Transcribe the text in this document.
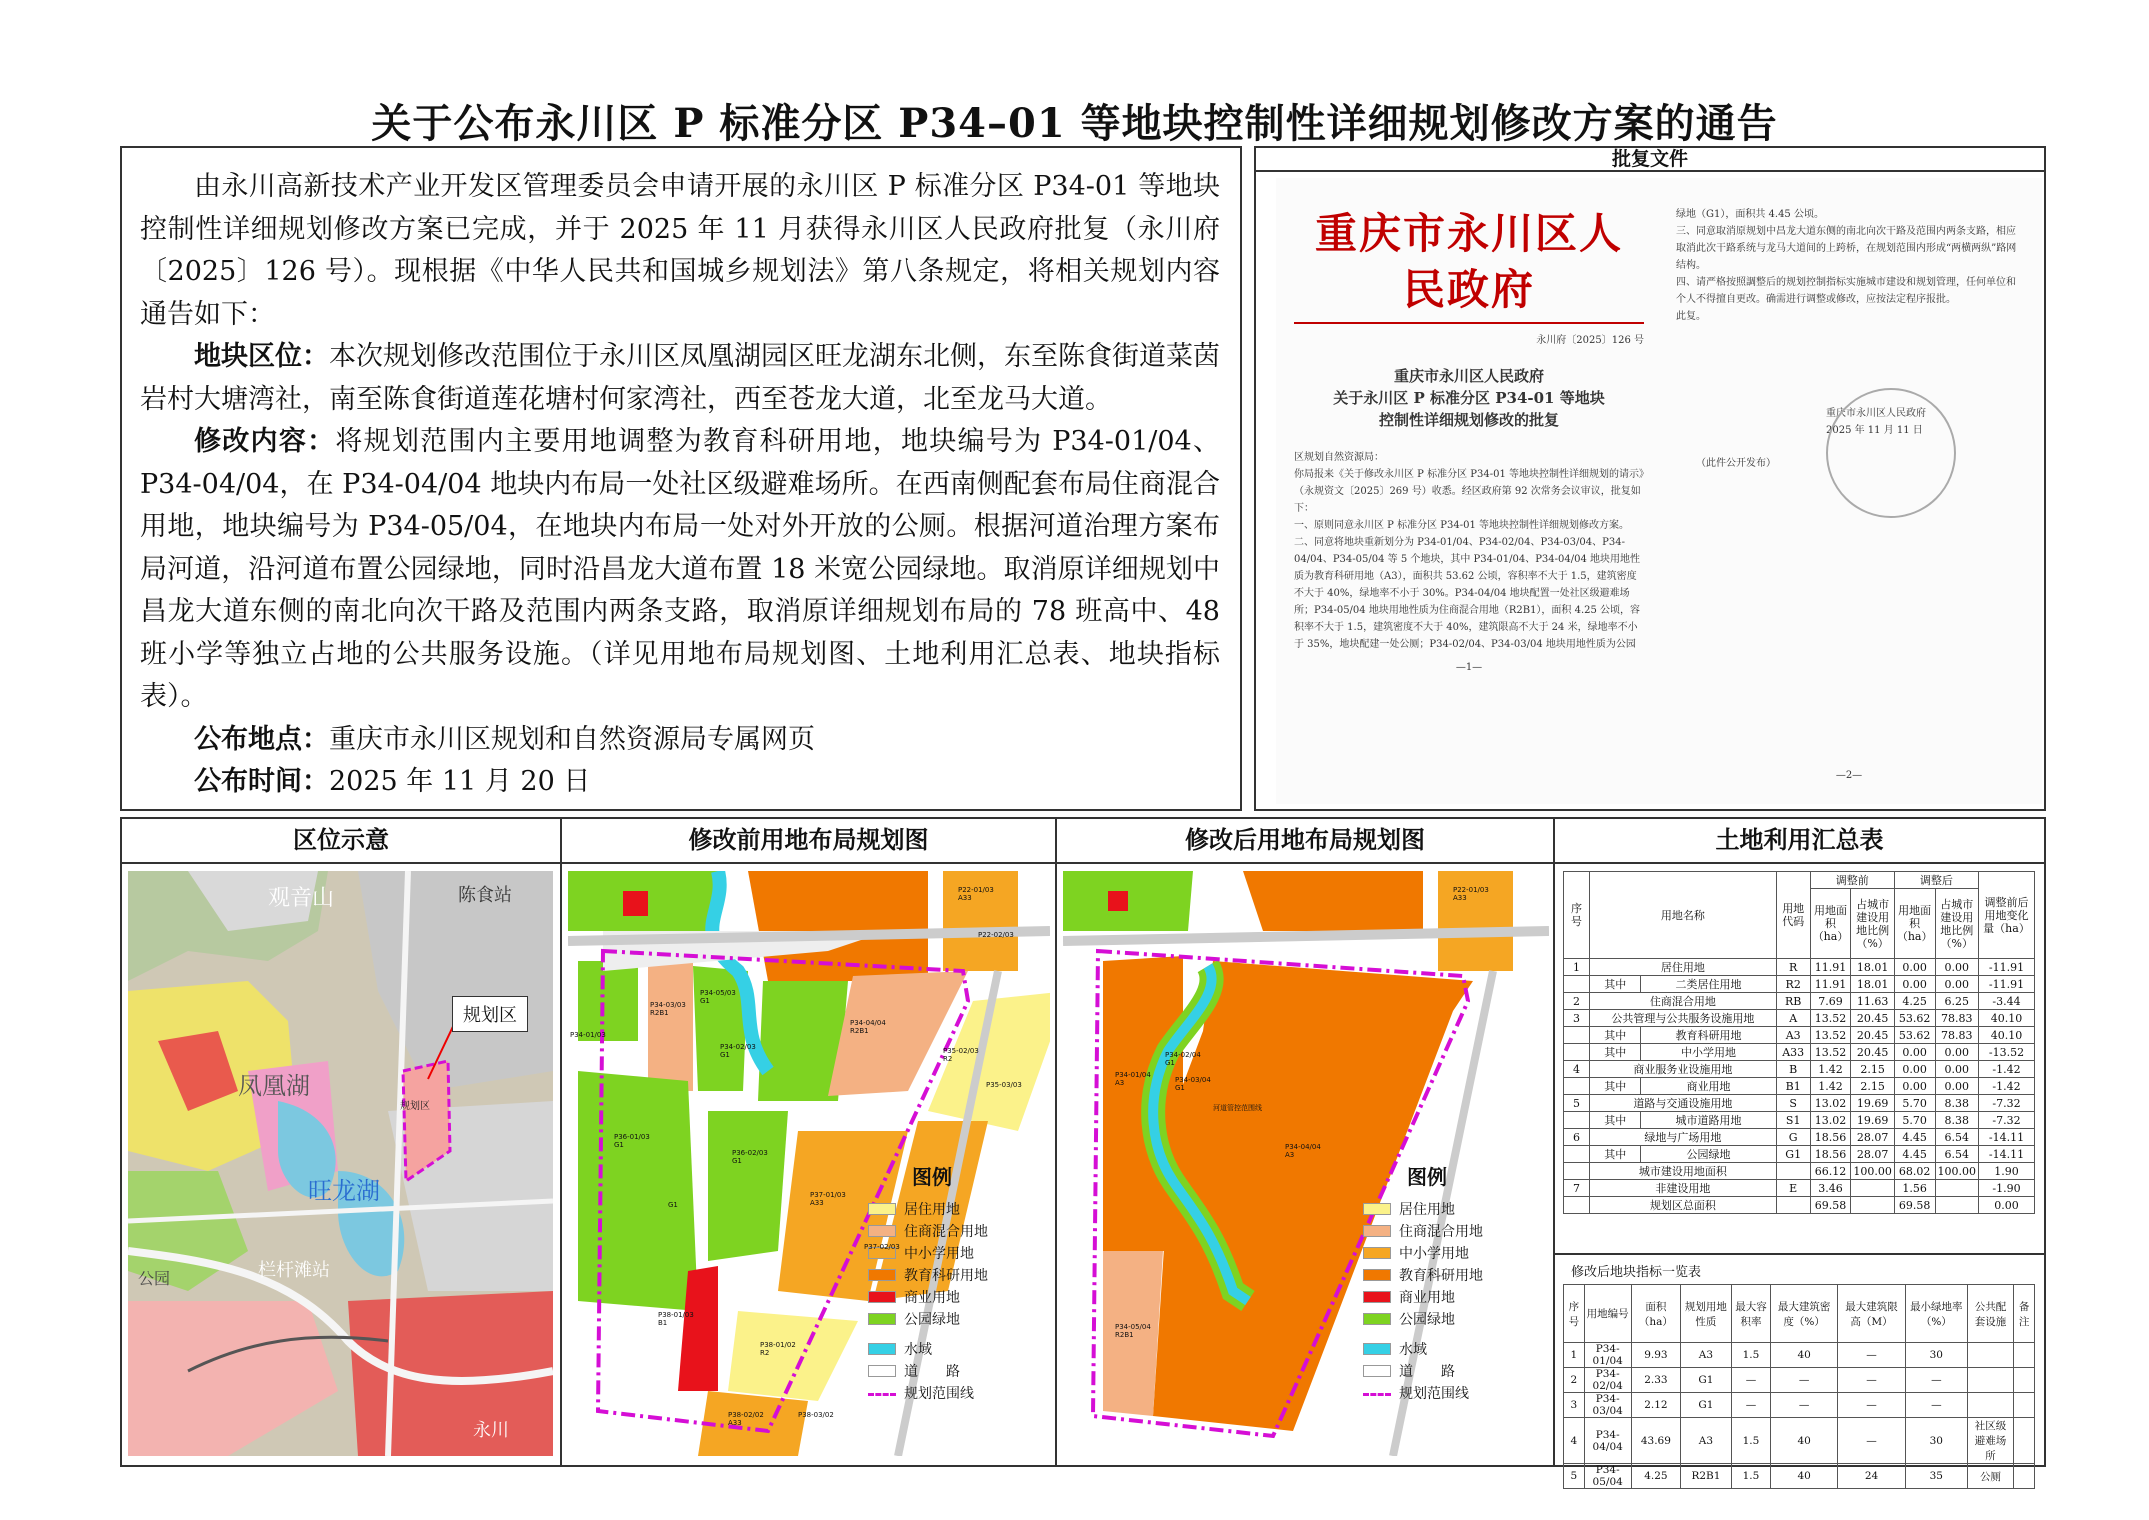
关于公布永川区 P 标准分区 P34–01 等地块控制性详细规划修改方案的通告

由永川高新技术产业开发区管理委员会申请开展的永川区 P 标准分区 P34-01 等地块控制性详细规划修改方案已完成，并于 2025 年 11 月获得永川区人民政府批复（永川府〔2025〕126 号）。现根据《中华人民共和国城乡规划法》第八条规定，将相关规划内容通告如下：

地块区位：本次规划修改范围位于永川区凤凰湖园区旺龙湖东北侧，东至陈食街道菜茵岩村大塘湾社，南至陈食街道莲花塘村何家湾社，西至苍龙大道，北至龙马大道。

修改内容：将规划范围内主要用地调整为教育科研用地，地块编号为 P34-01/04、P34-04/04，在 P34-04/04 地块内布局一处社区级避难场所。在西南侧配套布局住商混合用地，地块编号为 P34-05/04，在地块内布局一处对外开放的公厕。根据河道治理方案布局河道，沿河道布置公园绿地，同时沿昌龙大道布置 18 米宽公园绿地。取消原详细规划中昌龙大道东侧的南北向次干路及范围内两条支路，取消原详细规划布局的 78 班高中、48 班小学等独立占地的公共服务设施。（详见用地布局规划图、土地利用汇总表、地块指标表）。

公布地点：重庆市永川区规划和自然资源局专属网页

公布时间：2025 年 11 月 20 日

批复文件
重庆市永川区人民政府
永川府〔2025〕126 号
重庆市永川区人民政府
关于永川区 P 标准分区 P34-01 等地块
控制性详细规划修改的批复
区规划自然资源局：
你局报来《关于修改永川区 P 标准分区 P34-01 等地块控制性详细规划的请示》（永规资文〔2025〕269 号）收悉。经区政府第 92 次常务会议审议，批复如下：
一、原则同意永川区 P 标准分区 P34-01 等地块控制性详细规划修改方案。
二、同意将地块重新划分为 P34-01/04、P34-02/04、P34-03/04、P34-04/04、P34-05/04 等 5 个地块，其中 P34-01/04、P34-04/04 地块用地性质为教育科研用地（A3），面积共 53.62 公顷，容积率不大于 1.5，建筑密度不大于 40%，绿地率不小于 30%。P34-04/04 地块配置一处社区级避难场所；P34-05/04 地块用地性质为住商混合用地（R2B1），面积 4.25 公顷，容积率不大于 1.5，建筑密度不大于 40%，建筑限高不大于 24 米，绿地率不小于 35%，地块配建一处公厕；P34-02/04、P34-03/04 地块用地性质为公园
—1—
绿地（G1），面积共 4.45 公顷。
三、同意取消原规划中昌龙大道东侧的南北向次干路及范围内两条支路，相应取消此次干路系统与龙马大道间的上跨桥，在规划范围内形成“两横两纵”路网结构。
四、请严格按照調整后的规划控制指标实施城市建设和规划管理，任何单位和个人不得擅自更改。确需进行调整或修改，应按法定程序报批。
此复。
重庆市永川区人民政府
2025 年 11 月 11 日
（此件公开发布）
—2—
区位示意
观音山	陈食站
凤凰湖
旺龙湖
栏杆滩站
公园
永川
规划区
规划区
修改前用地布局规划图
图例
居住用地
住商混合用地
中小学用地
教育科研用地
商业用地
公园绿地
水域
道　　路
规划范围线
P22-01/03
A33
P22-02/03
P34-03/03
R2B1
P34-05/03
G1
P34-02/03
G1
P34-04/04
R2B1
P35-02/03
R2
P35-03/03
P36-01/03
G1
P36-02/03
G1
G1
P37-01/03
A33
P37-02/03
P38-01/03
B1
P38-01/02
R2
P38-02/02
A33
P38-03/02
P34-01/03
修改后用地布局规划图
图例
居住用地
住商混合用地
中小学用地
教育科研用地
商业用地
公园绿地
水域
道　　路
规划范围线
P22-01/03
A33
P34-01/04
A3
P34-02/04
G1
P34-03/04
G1
P34-04/04
A3
P34-05/04
R2B1
河道管控范围线
土地利用汇总表
序号	用地名称		用地代码	调整前		调整后		调整前后用地变化量（ha）
				用地面积（ha）	占城市建设用地比例（%）	用地面积（ha）	占城市建设用地比例（%）	
1	居住用地		R	11.91	18.01	0.00	0.00	-11.91
	其中	二类居住用地	R2	11.91	18.01	0.00	0.00	-11.91
2	住商混合用地		RB	7.69	11.63	4.25	6.25	-3.44
3	公共管理与公共服务设施用地		A	13.52	20.45	53.62	78.83	40.10
	其中	教育科研用地	A3	13.52	20.45	53.62	78.83	40.10
	其中	中小学用地	A33	13.52	20.45	0.00	0.00	-13.52
4	商业服务业设施用地		B	1.42	2.15	0.00	0.00	-1.42
	其中	商业用地	B1	1.42	2.15	0.00	0.00	-1.42
5	道路与交通设施用地		S	13.02	19.69	5.70	8.38	-7.32
	其中	城市道路用地	S1	13.02	19.69	5.70	8.38	-7.32
6	绿地与广场用地		G	18.56	28.07	4.45	6.54	-14.11
	其中	公园绿地	G1	18.56	28.07	4.45	6.54	-14.11
	城市建设用地面积			66.12	100.00	68.02	100.00	1.90
7	非建设用地		E	3.46		1.56		-1.90
	规划区总面积			69.58		69.58		0.00
修改后地块指标一览表
序号	用地编号	面积（ha）	规划用地性质	最大容积率	最大建筑密度（%）	最大建筑限高（M）	最小绿地率（%）	公共配套设施	备注
1	P34-01/04	9.93	A3	1.5	40	—	30		
2	P34-02/04	2.33	G1	—	—	—	—		
3	P34-03/04	2.12	G1	—	—	—	—		
4	P34-04/04	43.69	A3	1.5	40	—	30	社区级避难场所	
5	P34-05/04	4.25	R2B1	1.5	40	24	35	公厕	
